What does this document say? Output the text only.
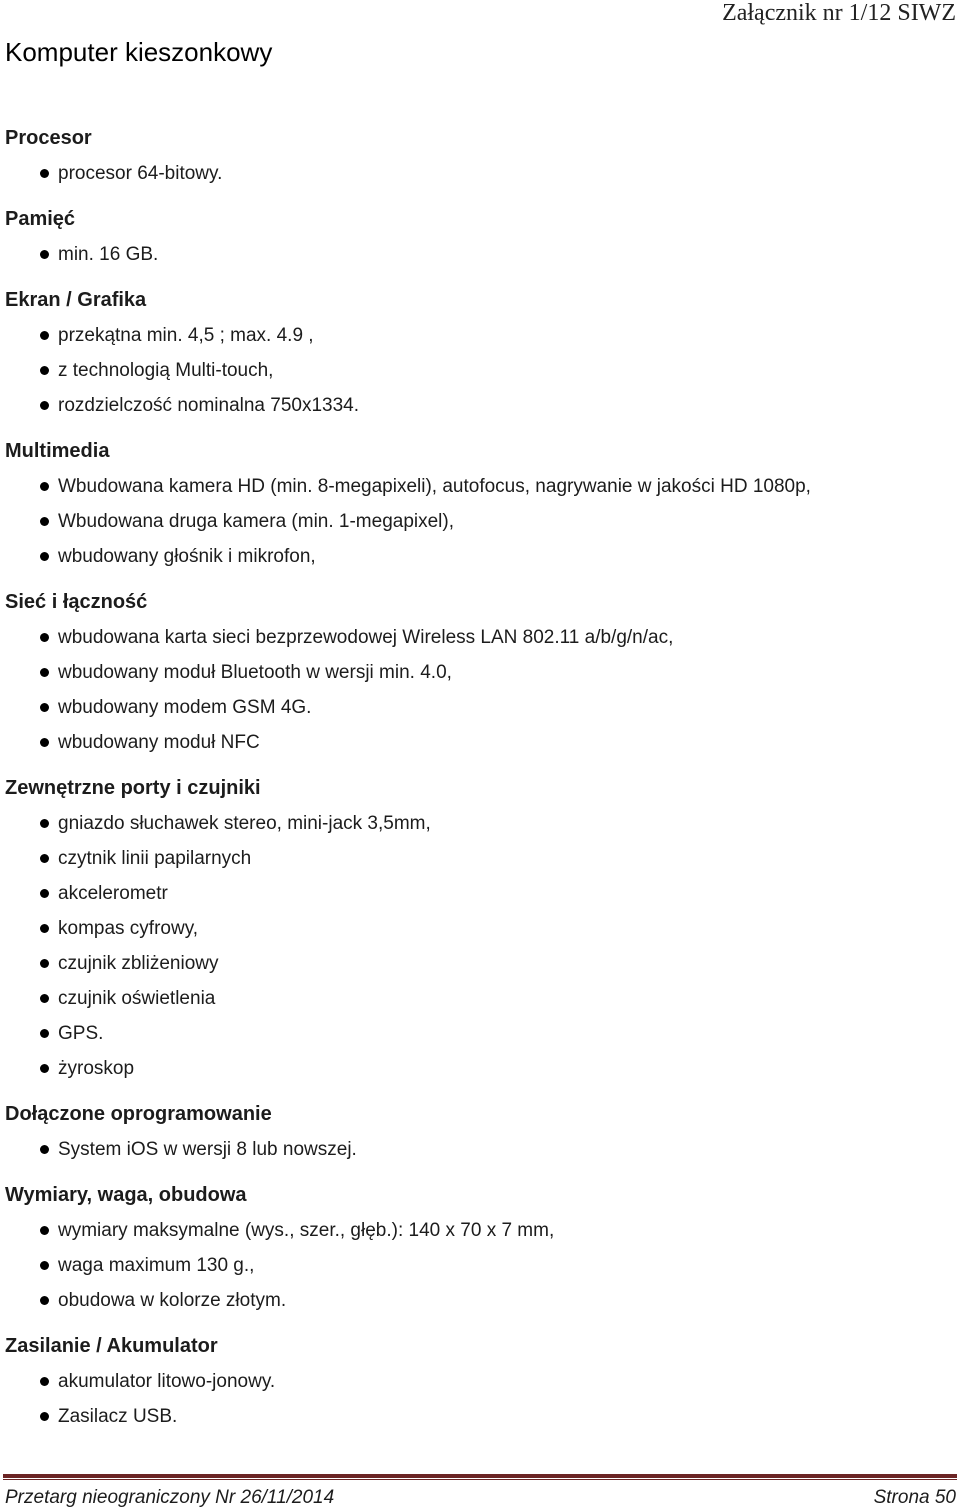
Załącznik nr 1/12 SIWZ
Komputer kieszonkowy
Procesor
procesor 64-bitowy.
Pamięć
min. 16 GB.
Ekran / Grafika
przekątna min. 4,5 ; max. 4.9 ,
z technologią Multi-touch,
rozdzielczość nominalna 750x1334.
Multimedia
Wbudowana kamera HD (min. 8-megapixeli), autofocus, nagrywanie w jakości HD 1080p,
Wbudowana druga kamera (min. 1-megapixel),
wbudowany głośnik i mikrofon,
Sieć i łączność
wbudowana karta sieci bezprzewodowej Wireless LAN 802.11 a/b/g/n/ac,
wbudowany moduł Bluetooth w wersji min. 4.0,
wbudowany modem GSM 4G.
wbudowany moduł NFC
Zewnętrzne porty i czujniki
gniazdo słuchawek stereo, mini-jack 3,5mm,
czytnik linii papilarnych
akcelerometr
kompas cyfrowy,
czujnik zbliżeniowy
czujnik oświetlenia
GPS.
żyroskop
Dołączone oprogramowanie
System iOS w wersji 8 lub nowszej.
Wymiary, waga, obudowa
wymiary maksymalne (wys., szer., głęb.): 140 x 70 x 7 mm,
waga maximum 130 g.,
obudowa w kolorze złotym.
Zasilanie / Akumulator
akumulator litowo-jonowy.
Zasilacz USB.
Przetarg nieograniczony Nr 26/11/2014	Strona 50
